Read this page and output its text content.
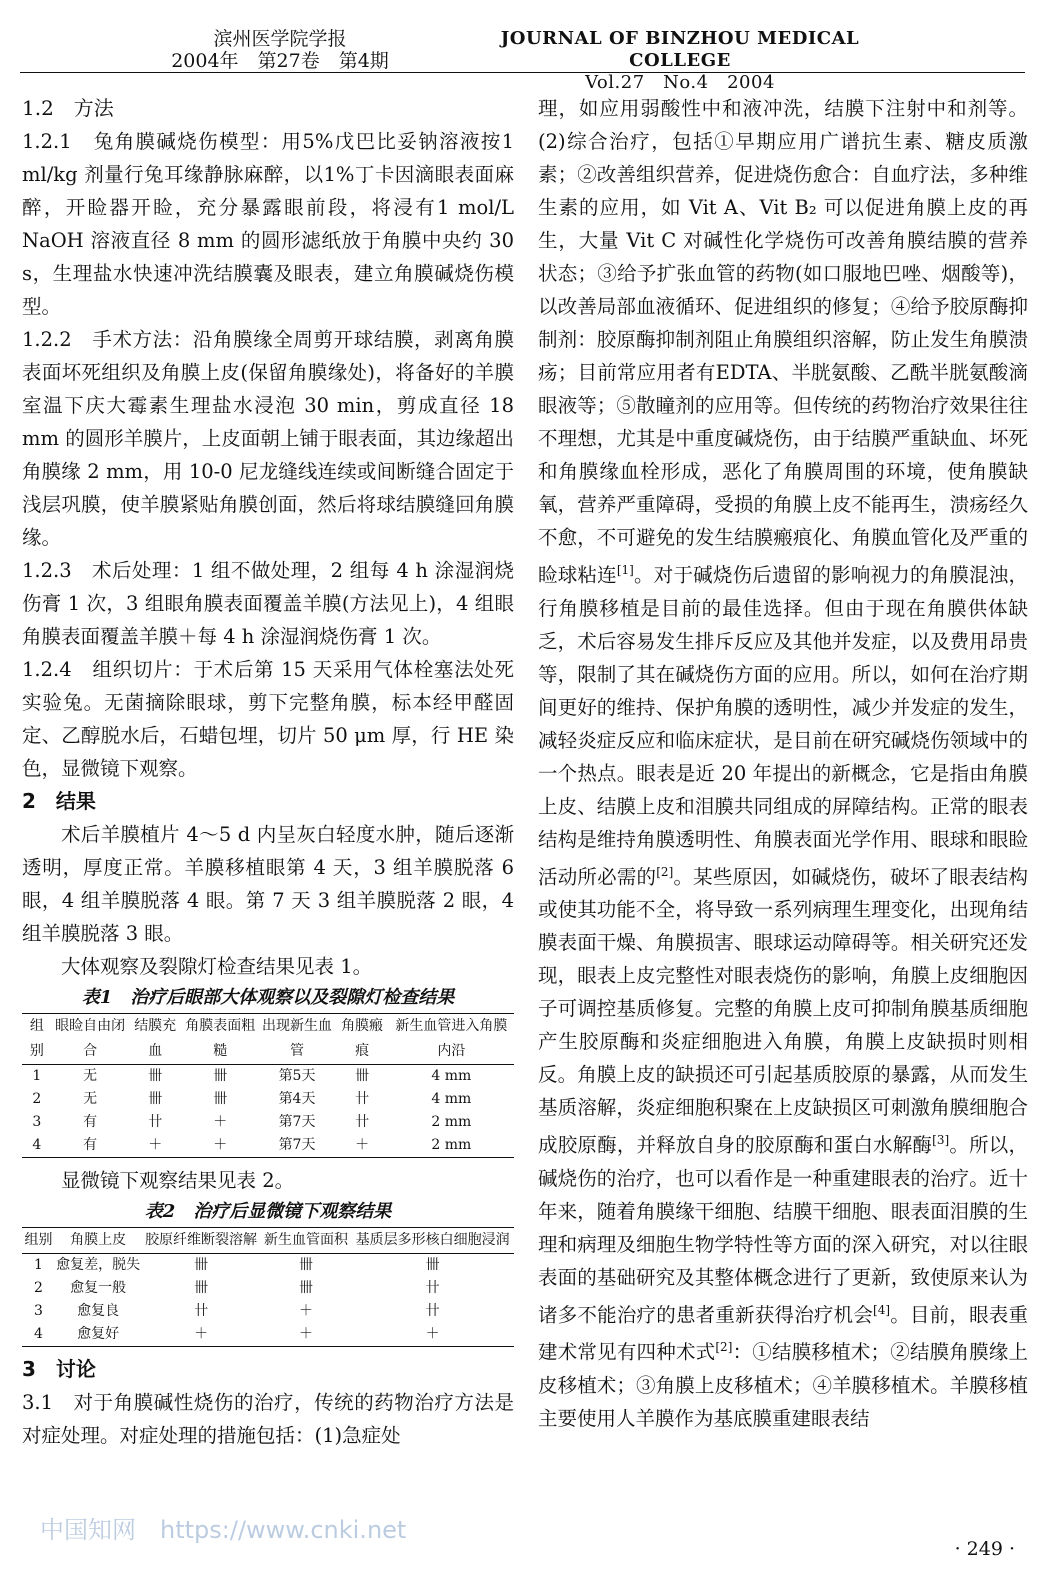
滨州医学院学报
2004年　第27卷　第4期
JOURNAL OF BINZHOU MEDICAL COLLEGE
Vol.27　No.4　2004

1.2　方法

1.2.1　兔角膜碱烧伤模型：用5%戊巴比妥钠溶液按1 ml/kg 剂量行兔耳缘静脉麻醉，以1%丁卡因滴眼表面麻醉，开睑器开睑，充分暴露眼前段，将浸有1 mol/L NaOH 溶液直径 8 mm 的圆形滤纸放于角膜中央约 30 s，生理盐水快速冲洗结膜囊及眼表，建立角膜碱烧伤模型。

1.2.2　手术方法：沿角膜缘全周剪开球结膜，剥离角膜表面坏死组织及角膜上皮(保留角膜缘处)，将备好的羊膜室温下庆大霉素生理盐水浸泡 30 min，剪成直径 18 mm 的圆形羊膜片，上皮面朝上铺于眼表面，其边缘超出角膜缘 2 mm，用 10-0 尼龙缝线连续或间断缝合固定于浅层巩膜，使羊膜紧贴角膜创面，然后将球结膜缝回角膜缘。

1.2.3　术后处理：1 组不做处理，2 组每 4 h 涂湿润烧伤膏 1 次，3 组眼角膜表面覆盖羊膜(方法见上)，4 组眼角膜表面覆盖羊膜＋每 4 h 涂湿润烧伤膏 1 次。

1.2.4　组织切片：于术后第 15 天采用气体栓塞法处死实验兔。无菌摘除眼球，剪下完整角膜，标本经甲醛固定、乙醇脱水后，石蜡包埋，切片 50 μm 厚，行 HE 染色，显微镜下观察。

2　结果

术后羊膜植片 4～5 d 内呈灰白轻度水肿，随后逐渐透明，厚度正常。羊膜移植眼第 4 天，3 组羊膜脱落 6 眼，4 组羊膜脱落 4 眼。第 7 天 3 组羊膜脱落 2 眼，4 组羊膜脱落 3 眼。

大体观察及裂隙灯检查结果见表 1。

表1　治疗后眼部大体观察以及裂隙灯检查结果

组别	眼睑自由闭合	结膜充血	角膜表面粗糙	出现新生血管	角膜瘢痕	新生血管进入角膜内沿
1	无	卌	卌	第5天	卌	4 mm
2	无	卌	卌	第4天	卄	4 mm
3	有	卄	＋	第7天	卄	2 mm
4	有	＋	＋	第7天	＋	2 mm

显微镜下观察结果见表 2。

表2　治疗后显微镜下观察结果

组别	角膜上皮	胶原纤维断裂溶解	新生血管面积	基质层多形核白细胞浸润
1	愈复差，脱失	卌	卌	卌
2	愈复一般	卌	卌	卄
3	愈复良	卄	＋	卄
4	愈复好	＋	＋	＋

3　讨论

3.1　对于角膜碱性烧伤的治疗，传统的药物治疗方法是对症处理。对症处理的措施包括：(1)急症处

理，如应用弱酸性中和液冲洗，结膜下注射中和剂等。(2)综合治疗，包括①早期应用广谱抗生素、糖皮质激素；②改善组织营养，促进烧伤愈合：自血疗法，多种维生素的应用，如 Vit A、Vit B₂ 可以促进角膜上皮的再生，大量 Vit C 对碱性化学烧伤可改善角膜结膜的营养状态；③给予扩张血管的药物(如口服地巴唑、烟酸等)，以改善局部血液循环、促进组织的修复；④给予胶原酶抑制剂：胶原酶抑制剂阻止角膜组织溶解，防止发生角膜溃疡；目前常应用者有EDTA、半胱氨酸、乙酰半胱氨酸滴眼液等；⑤散瞳剂的应用等。但传统的药物治疗效果往往不理想，尤其是中重度碱烧伤，由于结膜严重缺血、坏死和角膜缘血栓形成，恶化了角膜周围的环境，使角膜缺氧，营养严重障碍，受损的角膜上皮不能再生，溃疡经久不愈，不可避免的发生结膜瘢痕化、角膜血管化及严重的睑球粘连[1]。对于碱烧伤后遗留的影响视力的角膜混浊，行角膜移植是目前的最佳选择。但由于现在角膜供体缺乏，术后容易发生排斥反应及其他并发症，以及费用昂贵等，限制了其在碱烧伤方面的应用。所以，如何在治疗期间更好的维持、保护角膜的透明性，减少并发症的发生，减轻炎症反应和临床症状，是目前在研究碱烧伤领域中的一个热点。眼表是近 20 年提出的新概念，它是指由角膜上皮、结膜上皮和泪膜共同组成的屏障结构。正常的眼表结构是维持角膜透明性、角膜表面光学作用、眼球和眼睑活动所必需的[2]。某些原因，如碱烧伤，破坏了眼表结构或使其功能不全，将导致一系列病理生理变化，出现角结膜表面干燥、角膜损害、眼球运动障碍等。相关研究还发现，眼表上皮完整性对眼表烧伤的影响，角膜上皮细胞因子可调控基质修复。完整的角膜上皮可抑制角膜基质细胞产生胶原酶和炎症细胞进入角膜，角膜上皮缺损时则相反。角膜上皮的缺损还可引起基质胶原的暴露，从而发生基质溶解，炎症细胞积聚在上皮缺损区可刺激角膜细胞合成胶原酶，并释放自身的胶原酶和蛋白水解酶[3]。所以，碱烧伤的治疗，也可以看作是一种重建眼表的治疗。近十年来，随着角膜缘干细胞、结膜干细胞、眼表面泪膜的生理和病理及细胞生物学特性等方面的深入研究，对以往眼表面的基础研究及其整体概念进行了更新，致使原来认为诸多不能治疗的患者重新获得治疗机会[4]。目前，眼表重建术常见有四种术式[2]：①结膜移植术；②结膜角膜缘上皮移植术；③角膜上皮移植术；④羊膜移植术。羊膜移植主要使用人羊膜作为基底膜重建眼表结

中国知网　https://www.cnki.net
· 249 ·
